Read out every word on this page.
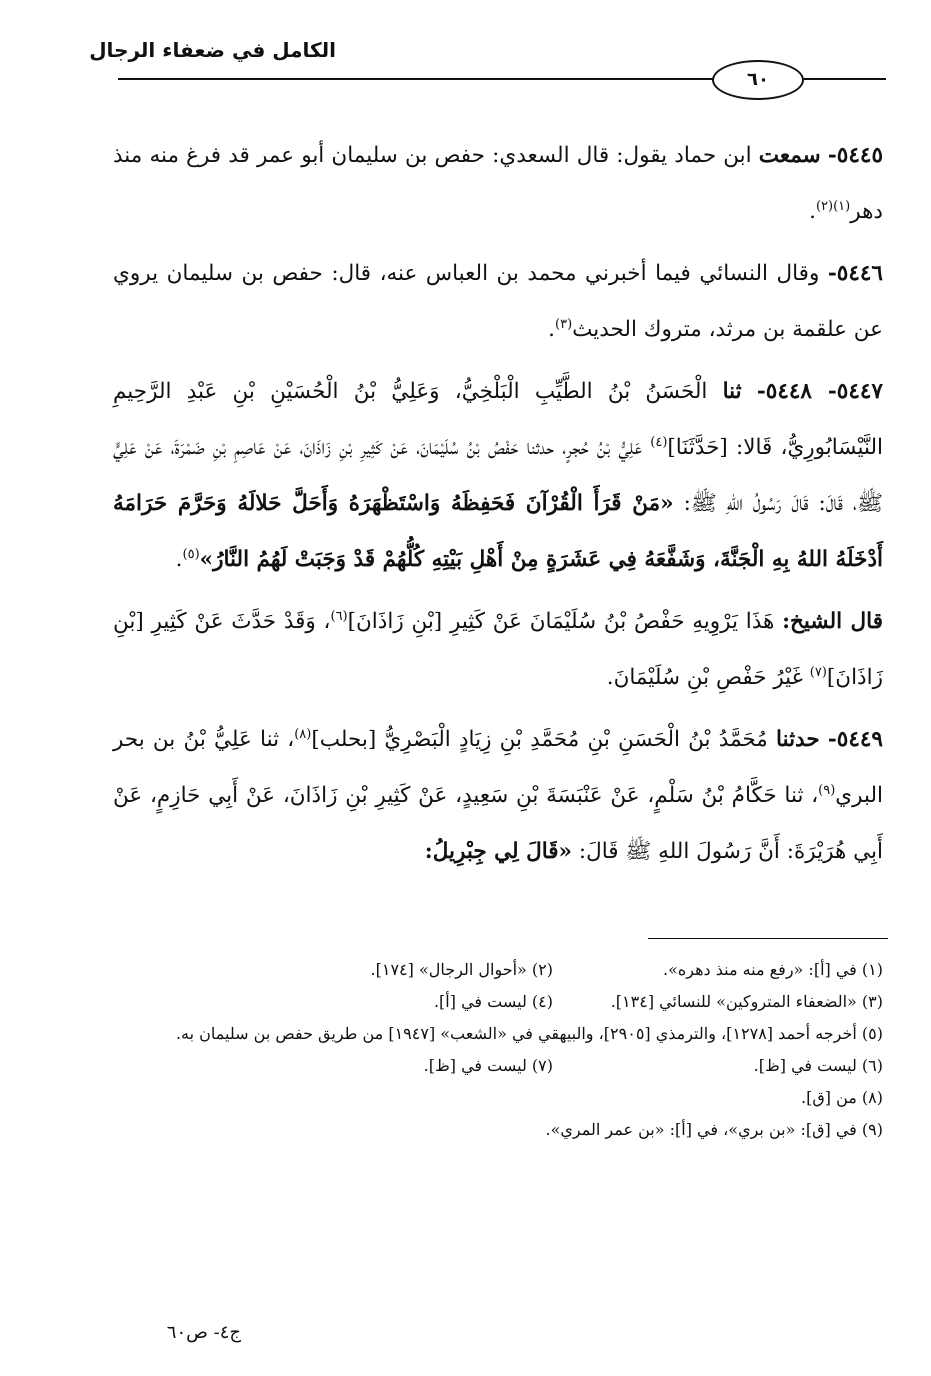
الكامل في ضعفاء الرجال
٦٠

٥٤٤٥- سمعت ابن حماد يقول: قال السعدي: حفص بن سليمان أبو عمر قد فرغ منه منذ دهر$^{(١)(٢)}$.

٥٤٤٦- وقال النسائي فيما أخبرني محمد بن العباس عنه، قال: حفص بن سليمان يروي عن علقمة بن مرثد، متروك الحديث$^{(٣)}$.

٥٤٤٧- ٥٤٤٨- ثنا الْحَسَنُ بْنُ الطَّيِّبِ الْبَلْخِيُّ، وَعَلِيُّ بْنُ الْحُسَيْنِ بْنِ عَبْدِ الرَّحِيمِ النَّيْسَابُورِيُّ، قَالا: [حَدَّثَنَا]$^{(٤)}$ عَلِيُّ بْنُ حُجرٍ، حدثنا حَفْصُ بْنُ سُلَيْمَانَ، عَنْ كَثِيرِ بْنِ زَاذَانَ، عَنْ عَاصِمِ بْنِ ضَمْرَةَ، عَنْ عَلِيٍّ ﷺ، قَالَ: قَالَ رَسُولُ اللهِ ﷺ: «مَنْ قَرَأَ الْقُرْآنَ فَحَفِظَهُ وَاسْتَظْهَرَهُ وَأَحَلَّ حَلالَهُ وَحَرَّمَ حَرَامَهُ أَدْخَلَهُ اللهُ بِهِ الْجَنَّةَ، وَشَفَّعَهُ فِي عَشَرَةٍ مِنْ أَهْلِ بَيْتِهِ كُلُّهُمْ قَدْ وَجَبَتْ لَهُمُ النَّارُ»$^{(٥)}$.

قال الشيخ: هَذَا يَرْوِيهِ حَفْصُ بْنُ سُلَيْمَانَ عَنْ كَثِيرِ [بْنِ زَاذَانَ]$^{(٦)}$، وَقَدْ حَدَّثَ عَنْ كَثِيرِ [بْنِ زَاذَانَ]$^{(٧)}$ غَيْرُ حَفْصِ بْنِ سُلَيْمَانَ.

٥٤٤٩- حدثنا مُحَمَّدُ بْنُ الْحَسَنِ بْنِ مُحَمَّدِ بْنِ زِيَادٍ الْبَصْرِيُّ [بحلب]$^{(٨)}$، ثنا عَلِيُّ بْنُ بن بحر البري$^{(٩)}$، ثنا حَكَّامُ بْنُ سَلْمٍ، عَنْ عَنْبَسَةَ بْنِ سَعِيدٍ، عَنْ كَثِيرِ بْنِ زَاذَانَ، عَنْ أَبِي حَازِمٍ، عَنْ أَبِي هُرَيْرَةَ: أَنَّ رَسُولَ اللهِ ﷺ قَالَ: «قَالَ لِي جِبْرِيلُ:

(١) في [أ]: «رفع منه منذ دهره».
(٢) «أحوال الرجال» [١٧٤].
(٣) «الضعفاء المتروكين» للنسائي [١٣٤].
(٤) ليست في [أ].
(٥) أخرجه أحمد [١٢٧٨]، والترمذي [٢٩٠٥]، والبيهقي في «الشعب» [١٩٤٧] من طريق حفص بن سليمان به.
(٦) ليست في [ظ].
(٧) ليست في [ظ].
(٨) من [ق].
(٩) في [ق]: «بن بري»، في [أ]: «بن عمر المري».
ج٤- ص٦٠
